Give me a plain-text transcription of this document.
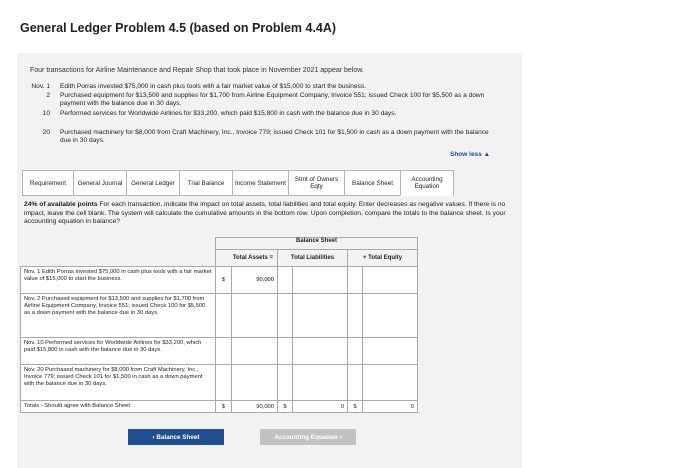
General Ledger Problem 4.5 (based on Problem 4.4A)
Four transactions for Airline Maintenance and Repair Shop that took place in November 2021 appear below.
Nov. 1 Edith Porras invested $75,000 in cash plus tools with a fair market value of $15,000 to start the business.
2 Purchased equipment for $13,500 and supplies for $1,700 from Airline Equipment Company, Invoice 551; issued Check 100 for $5,500 as a down payment with the balance due in 30 days.
10 Performed services for Worldwide Airlines for $33,200, which paid $15,800 in cash with the balance due in 30 days.
20 Purchased machinery for $8,000 from Craft Machinery, Inc., Invoice 779; issued Check 101 for $1,500 in cash as a down payment with the balance due in 30 days.
Show less ▲
Requirement	General Journal	General Ledger	Trial Balance	Income Statement	Stmt of Owners Eqty	Balance Sheet	Accounting Equation
24% of available points For each transaction, indicate the impact on total assets, total liabilities and total equity. Enter decreases as negative values. If there is no impact, leave the cell blank. The system will calculate the cumulative amounts in the bottom row. Upon completion, compare the totals to the balance sheet. Is your accounting equation in balance?
	Balance Sheet					
	Total Assets =		Total Liabilities		+ Total Equity	
Nov. 1 Edith Porras invested $75,000 in cash plus tools with a fair market value of $15,000 to start the business.	$	90,000				
Nov. 2 Purchased equipment for $13,500 and supplies for $1,700 from Airline Equipment Company, Invoice 551; issued Check 100 for $5,500 as a down payment with the balance due in 30 days.						
Nov. 10 Performed services for Worldwide Airlines for $33,200, which paid $15,800 in cash with the balance due in 30 days.						
Nov. 20 Purchased machinery for $8,000 from Craft Machinery, Inc., Invoice 779; issued Check 101 for $1,500 in cash as a down payment with the balance due in 30 days.						
Totals - Should agree with Balance Sheet	$	90,000	$	0	$	0
‹ Balance Sheet	Accounting Equation ›
